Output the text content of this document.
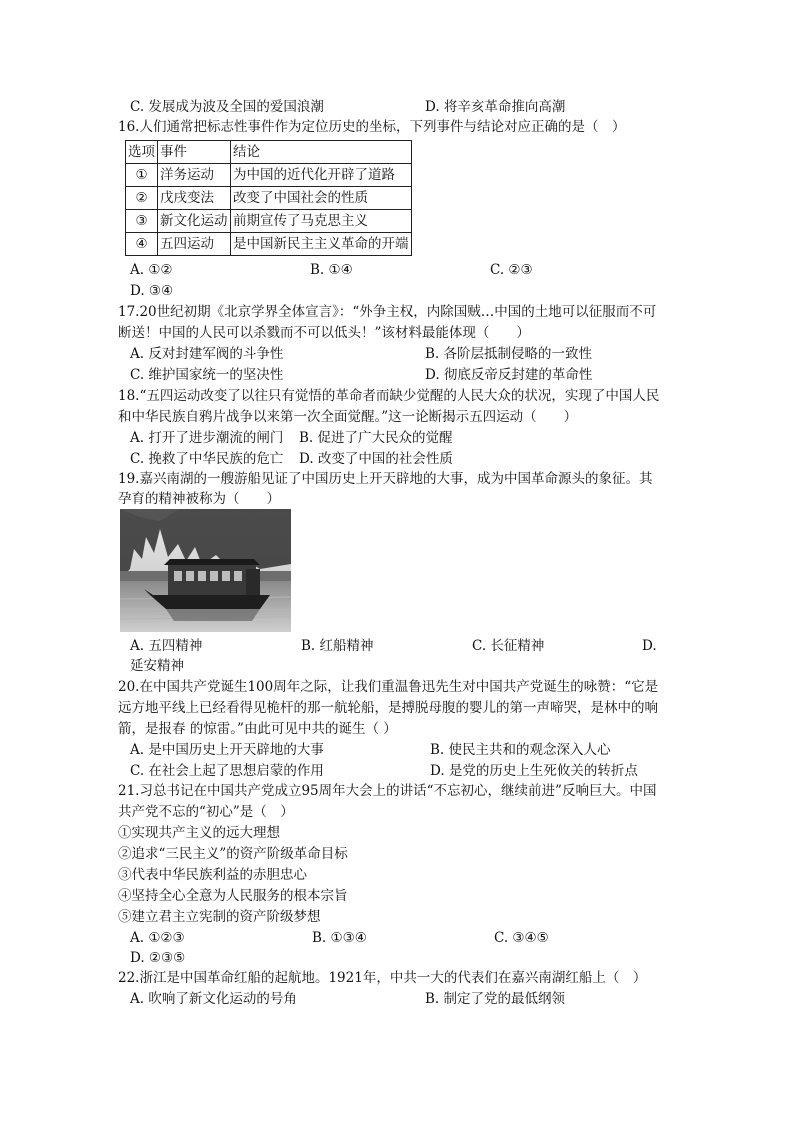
C. 发展成为波及全国的爱国浪潮	D. 将辛亥革命推向高潮
16.人们通常把标志性事件作为定位历史的坐标，下列事件与结论对应正确的是（　）
选项	事件	结论
①	洋务运动	为中国的近代化开辟了道路
②	戊戌变法	改变了中国社会的性质
③	新文化运动	前期宣传了马克思主义
④	五四运动	是中国新民主主义革命的开端
A. ①②	B. ①④	C. ②③
D. ③④
17.20世纪初期《北京学界全体宣言》：“外争主权，内除国贼…中国的土地可以征服而不可
断送！中国的人民可以杀戮而不可以低头！”该材料最能体现（　　）
A. 反对封建军阀的斗争性	B. 各阶层抵制侵略的一致性
C. 维护国家统一的坚决性	D. 彻底反帝反封建的革命性
18.“五四运动改变了以往只有觉悟的革命者而缺少觉醒的人民大众的状况，实现了中国人民
和中华民族自鸦片战争以来第一次全面觉醒。”这一论断揭示五四运动（　　）
A. 打开了进步潮流的闸门 B. 促进了广大民众的觉醒
C. 挽救了中华民族的危亡 D. 改变了中国的社会性质
19.嘉兴南湖的一艘游船见证了中国历史上开天辟地的大事，成为中国革命源头的象征。其
孕育的精神被称为（　　）
A. 五四精神	B. 红船精神	C. 长征精神	D.
延安精神
20.在中国共产党诞生100周年之际，让我们重温鲁迅先生对中国共产党诞生的咏赞：“它是
远方地平线上已经看得见桅杆的那一航轮船，是搏脱母腹的婴儿的第一声啼哭，是林中的响
箭，是报春 的惊雷。”由此可见中共的诞生（ ）
A. 是中国历史上开天辟地的大事	B. 使民主共和的观念深入人心
C. 在社会上起了思想启蒙的作用	D. 是党的历史上生死攸关的转折点
21.习总书记在中国共产党成立95周年大会上的讲话“不忘初心，继续前进”反响巨大。中国
共产党不忘的“初心”是（　）
①实现共产主义的远大理想
②追求“三民主义”的资产阶级革命目标
③代表中华民族利益的赤胆忠心
④坚持全心全意为人民服务的根本宗旨
⑤建立君主立宪制的资产阶级梦想
A. ①②③	B. ①③④	C. ③④⑤
D. ②③⑤
22.浙江是中国革命红船的起航地。1921年，中共一大的代表们在嘉兴南湖红船上（　）
A. 吹响了新文化运动的号角	B. 制定了党的最低纲领
